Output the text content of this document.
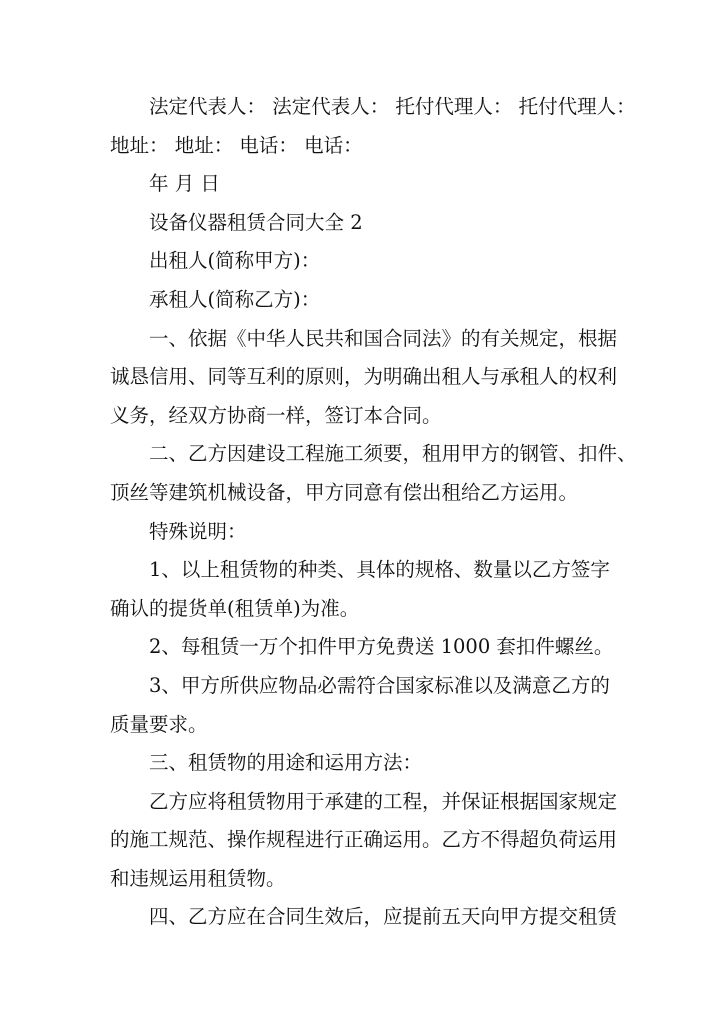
法定代表人： 法定代表人： 托付代理人： 托付代理人：
地址： 地址： 电话： 电话：
年 月 日
设备仪器租赁合同大全 2
出租人(简称甲方)：
承租人(简称乙方)：
一、依据《中华人民共和国合同法》的有关规定，根据
诚恳信用、同等互利的原则，为明确出租人与承租人的权利
义务，经双方协商一样，签订本合同。
二、乙方因建设工程施工须要，租用甲方的钢管、扣件、
顶丝等建筑机械设备，甲方同意有偿出租给乙方运用。
特殊说明：
1、以上租赁物的种类、具体的规格、数量以乙方签字
确认的提货单(租赁单)为准。
2、每租赁一万个扣件甲方免费送 1000 套扣件螺丝。
3、甲方所供应物品必需符合国家标准以及满意乙方的
质量要求。
三、租赁物的用途和运用方法：
乙方应将租赁物用于承建的工程，并保证根据国家规定
的施工规范、操作规程进行正确运用。乙方不得超负荷运用
和违规运用租赁物。
四、乙方应在合同生效后，应提前五天向甲方提交租赁
